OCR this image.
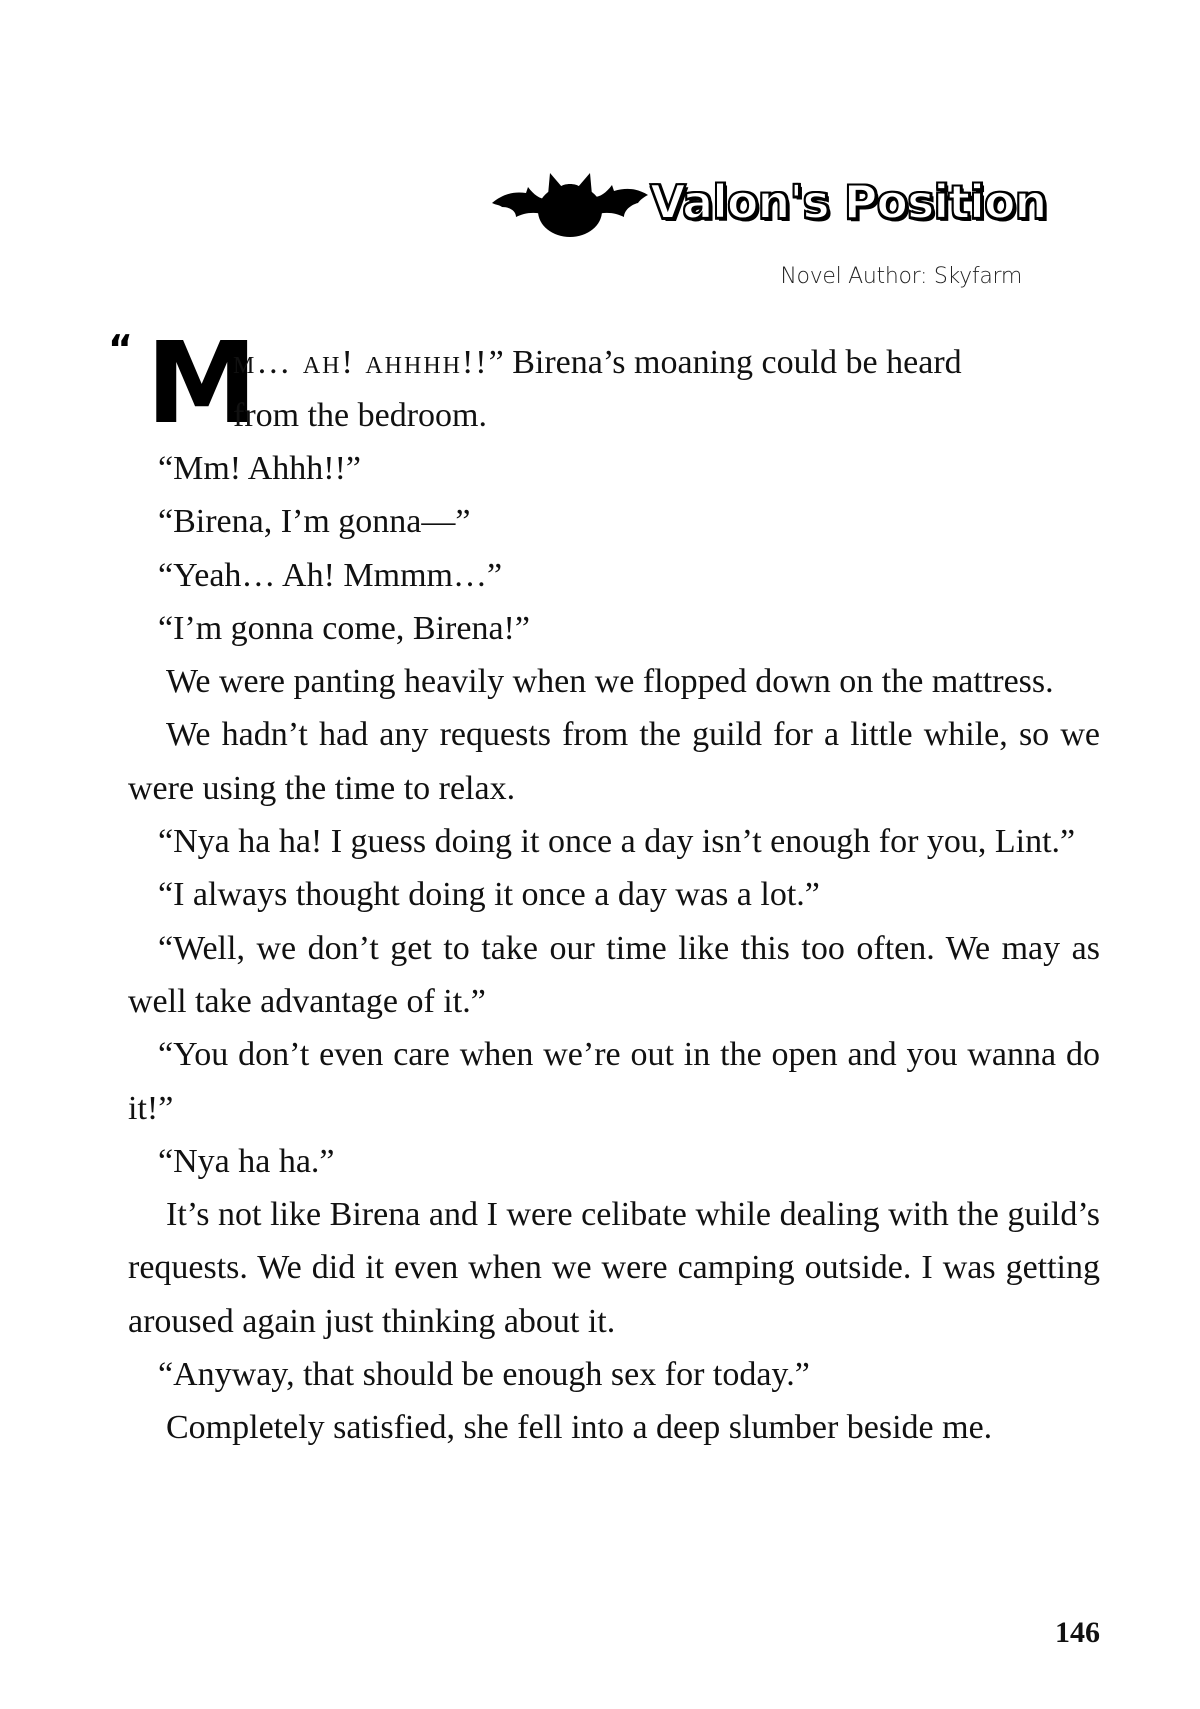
Valon's Position
Novel Author: Skyfarm
“ M
m… ah! ahhhh!!” Birena’s moaning could be heard
from the bedroom.

“Mm! Ahhh!!”

“Birena, I’m gonna—”

“Yeah… Ah! Mmmm…”

“I’m gonna come, Birena!”

We were panting heavily when we flopped down on the mattress.

We hadn’t had any requests from the guild for a little while, so we were using the time to relax.

“Nya ha ha! I guess doing it once a day isn’t enough for you, Lint.”

“I always thought doing it once a day was a lot.”

“Well, we don’t get to take our time like this too often. We may as well take advantage of it.”

“You don’t even care when we’re out in the open and you wanna do it!”

“Nya ha ha.”

It’s not like Birena and I were celibate while dealing with the guild’s requests. We did it even when we were camping outside. I was getting aroused again just thinking about it.

“Anyway, that should be enough sex for today.”

Completely satisfied, she fell into a deep slumber beside me.

146
